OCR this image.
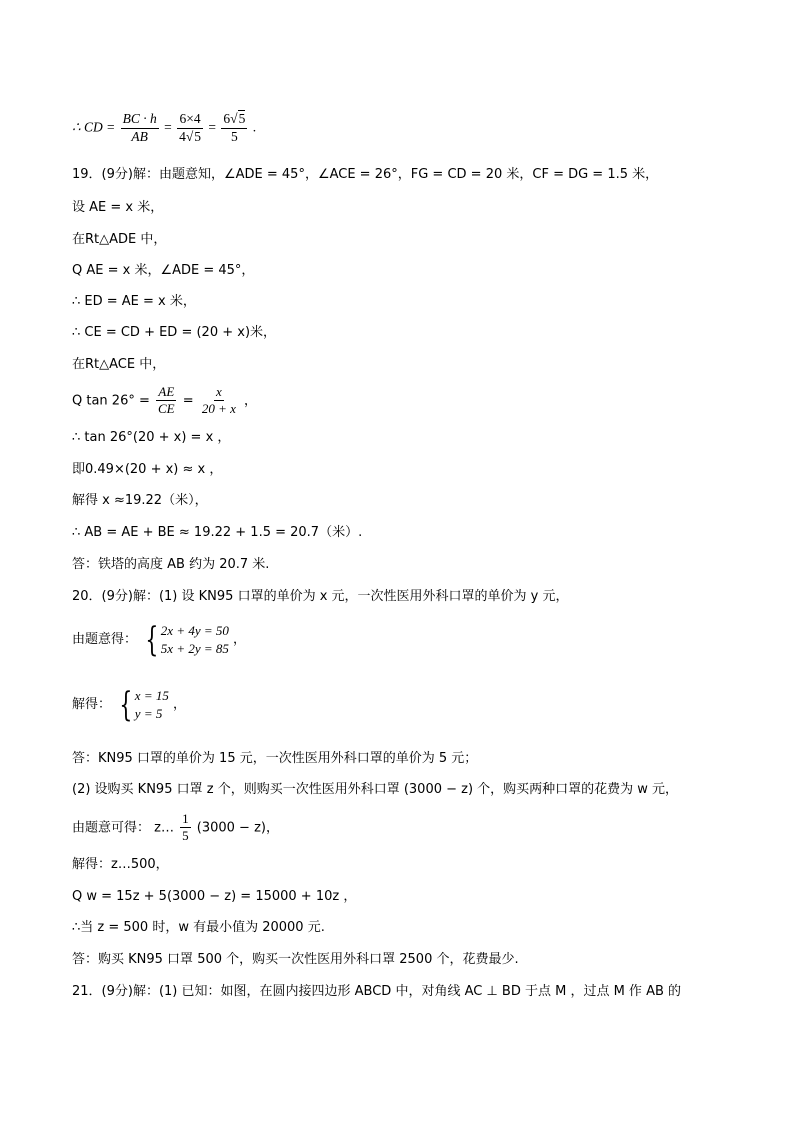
∴ CD = $\frac{BC \cdot h}{AB} = \frac{6\times 4}{4√5} = \frac{6√5}{5}$ .
19．(9分)解：由题意知，∠ADE = 45°，∠ACE = 26°，FG = CD = 20 米，CF = DG = 1.5 米，
设 AE = x 米，
在Rt△ADE 中，
Q AE = x 米，∠ADE = 45°，
∴ ED = AE = x 米，
∴ CE = CD + ED = (20 + x)米，
在Rt△ACE 中，
Q $\tan 26^\circ = \frac{AE}{CE} = \frac{x}{20 + x}$ ，
∴ tan 26°(20 + x) = x ，
即0.49×(20 + x) ≈ x ，
解得 x ≈19.22（米），
∴ AB = AE + BE ≈ 19.22 + 1.5 = 20.7（米）.
答：铁塔的高度 AB 约为 20.7 米.
20．(9分)解：(1) 设 KN95 口罩的单价为 x 元，一次性医用外科口罩的单价为 y 元，
由题意得： { 2x + 4y = 50
5x + 2y = 85
，
解得： { x = 15
y = 5
，
答：KN95 口罩的单价为 15 元，一次性医用外科口罩的单价为 5 元；
(2) 设购买 KN95 口罩 z 个，则购买一次性医用外科口罩 (3000 − z) 个，购买两种口罩的花费为 w 元，
由题意可得： z… $\frac{1}{5} (3000 - z)$，
解得：z…500，
Q w = 15z + 5(3000 − z) = 15000 + 10z ，
∴当 z = 500 时，w 有最小值为 20000 元.
答：购买 KN95 口罩 500 个，购买一次性医用外科口罩 2500 个，花费最少.
21．(9分)解：(1) 已知：如图，在圆内接四边形 ABCD 中，对角线 AC ⊥ BD 于点 M ，过点 M 作 AB 的
